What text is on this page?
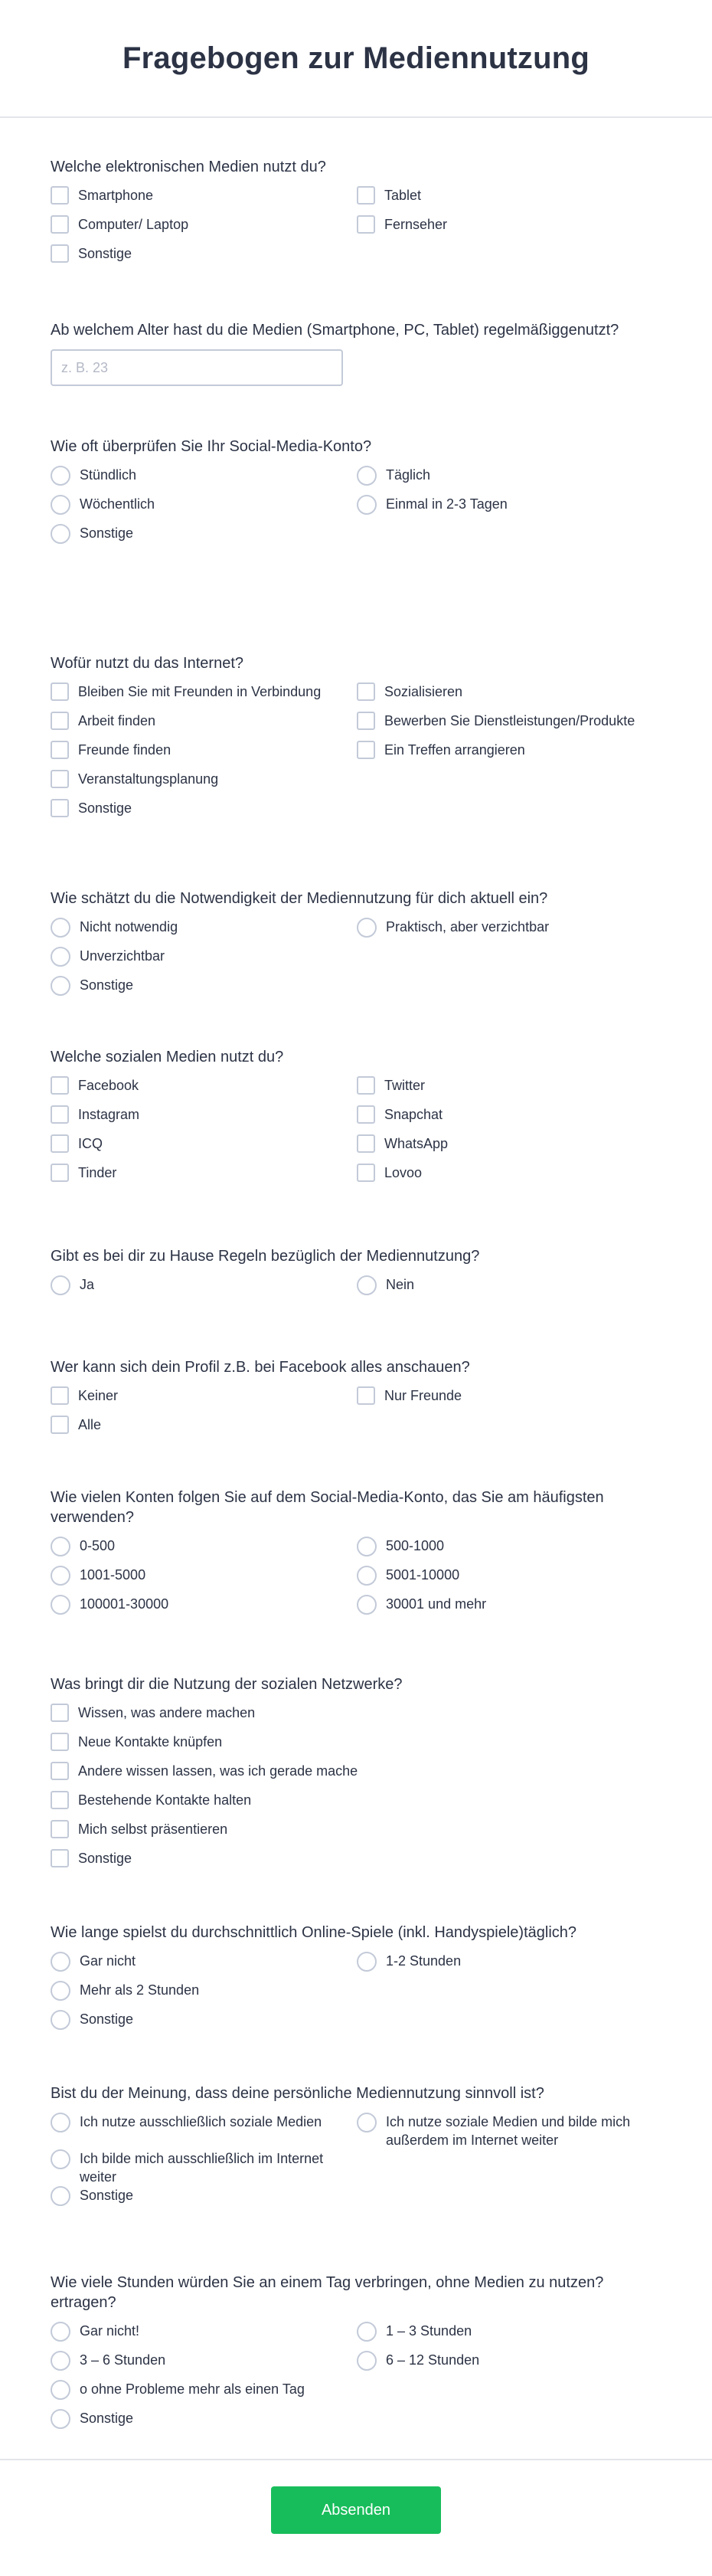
Fragebogen zur Mediennutzung
Welche elektronischen Medien nutzt du?
Smartphone	Tablet
Computer/ Laptop	Fernseher
Sonstige
Ab welchem Alter hast du die Medien (Smartphone, PC, Tablet) regelmäßiggenutzt?
z. B. 23
Wie oft überprüfen Sie Ihr Social-Media-Konto?
Stündlich	Täglich
Wöchentlich	Einmal in 2-3 Tagen
Sonstige
Wofür nutzt du das Internet?
Bleiben Sie mit Freunden in Verbindung	Sozialisieren
Arbeit finden	Bewerben Sie Dienstleistungen/Produkte
Freunde finden	Ein Treffen arrangieren
Veranstaltungsplanung
Sonstige
Wie schätzt du die Notwendigkeit der Mediennutzung für dich aktuell ein?
Nicht notwendig	Praktisch, aber verzichtbar
Unverzichtbar
Sonstige
Welche sozialen Medien nutzt du?
Facebook	Twitter
Instagram	Snapchat
ICQ	WhatsApp
Tinder	Lovoo
Gibt es bei dir zu Hause Regeln bezüglich der Mediennutzung?
Ja	Nein
Wer kann sich dein Profil z.B. bei Facebook alles anschauen?
Keiner	Nur Freunde
Alle
Wie vielen Konten folgen Sie auf dem Social-Media-Konto, das Sie am häufigsten verwenden?
0-500	500-1000
1001-5000	5001-10000
100001-30000	30001 und mehr
Was bringt dir die Nutzung der sozialen Netzwerke?
Wissen, was andere machen
Neue Kontakte knüpfen
Andere wissen lassen, was ich gerade mache
Bestehende Kontakte halten
Mich selbst präsentieren
Sonstige
Wie lange spielst du durchschnittlich Online-Spiele (inkl. Handyspiele)täglich?
Gar nicht	1-2 Stunden
Mehr als 2 Stunden
Sonstige
Bist du der Meinung, dass deine persönliche Mediennutzung sinnvoll ist?
Ich nutze ausschließlich soziale Medien	Ich nutze soziale Medien und bilde mich außerdem im Internet weiter
Ich bilde mich ausschließlich im Internet weiter
Sonstige
Wie viele Stunden würden Sie an einem Tag verbringen, ohne Medien zu nutzen? ertragen?
Gar nicht!	1 – 3 Stunden
3 – 6 Stunden	6 – 12 Stunden
o ohne Probleme mehr als einen Tag
Sonstige
Absenden
